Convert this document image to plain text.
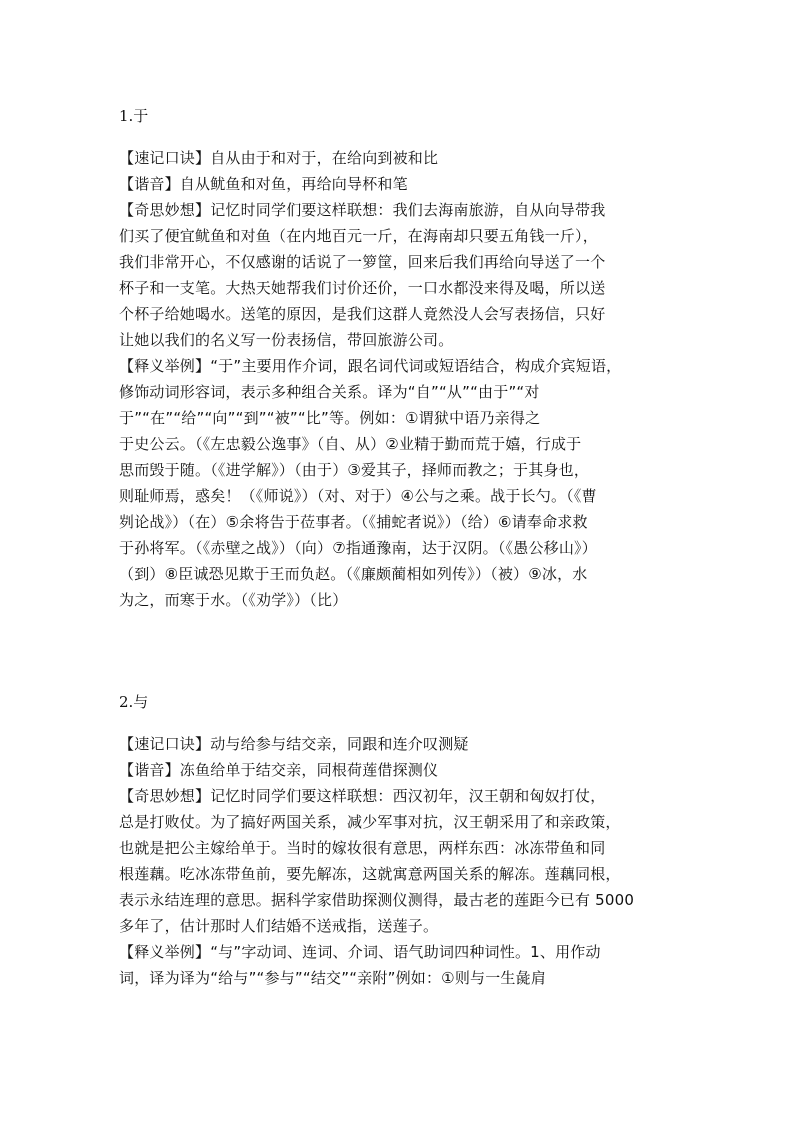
1.于
【速记口诀】自从由于和对于，在给向到被和比
【谐音】自从鱿鱼和对鱼，再给向导杯和笔
【奇思妙想】记忆时同学们要这样联想：我们去海南旅游，自从向导带我
们买了便宜鱿鱼和对鱼（在内地百元一斤，在海南却只要五角钱一斤），
我们非常开心，不仅感谢的话说了一箩筐，回来后我们再给向导送了一个
杯子和一支笔。大热天她帮我们讨价还价，一口水都没来得及喝，所以送
个杯子给她喝水。送笔的原因，是我们这群人竟然没人会写表扬信，只好
让她以我们的名义写一份表扬信，带回旅游公司。
【释义举例】“于”主要用作介词，跟名词代词或短语结合，构成介宾短语，
修饰动词形容词，表示多种组合关系。译为“自”“从”“由于”“对
于”“在”“给”“向”“到”“被”“比”等。例如：①谓狱中语乃亲得之
于史公云。（《左忠毅公逸事》（自、从）②业精于勤而荒于嬉，行成于
思而毁于随。（《进学解》）（由于）③爱其子，择师而教之；于其身也，
则耻师焉，惑矣！（《师说》）（对、对于）④公与之乘。战于长勺。（《曹
刿论战》）（在）⑤余将告于莅事者。（《捕蛇者说》）（给）⑥请奉命求救
于孙将军。（《赤壁之战》）（向）⑦指通豫南，达于汉阴。（《愚公移山》）
（到）⑧臣诚恐见欺于王而负赵。（《廉颇蔺相如列传》）（被）⑨冰，水
为之，而寒于水。（《劝学》）（比）
2.与
【速记口诀】动与给参与结交亲，同跟和连介叹测疑
【谐音】冻鱼给单于结交亲，同根荷莲借探测仪
【奇思妙想】记忆时同学们要这样联想：西汉初年，汉王朝和匈奴打仗，
总是打败仗。为了搞好两国关系，减少军事对抗，汉王朝采用了和亲政策，
也就是把公主嫁给单于。当时的嫁妆很有意思，两样东西：冰冻带鱼和同
根莲藕。吃冰冻带鱼前，要先解冻，这就寓意两国关系的解冻。莲藕同根，
表示永结连理的意思。据科学家借助探测仪测得，最古老的莲距今已有 5000
多年了，估计那时人们结婚不送戒指，送莲子。
【释义举例】“与”字动词、连词、介词、语气助词四种词性。1、用作动
词，译为译为“给与”“参与”“结交”“亲附”例如：①则与一生彘肩
